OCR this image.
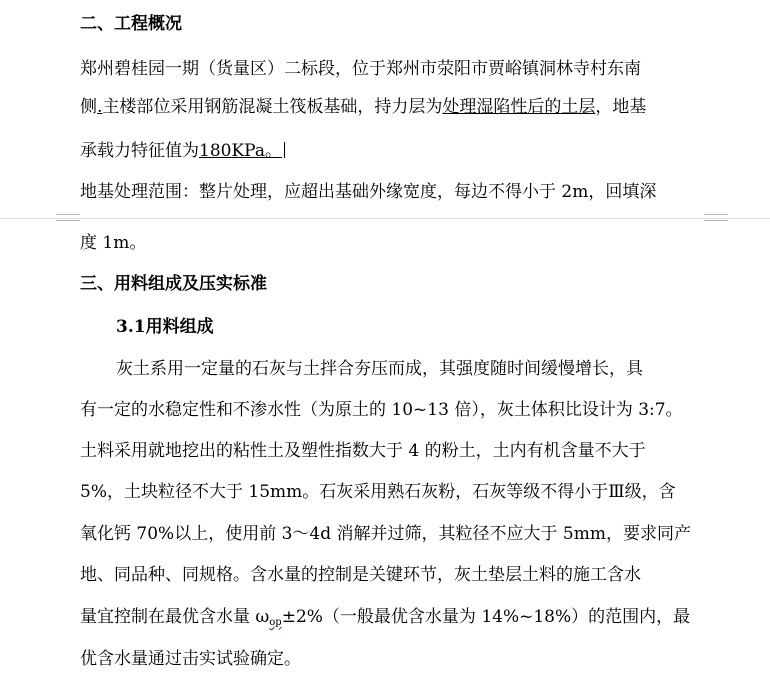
二、工程概况
郑州碧桂园一期（货量区）二标段，位于郑州市荥阳市贾峪镇洞林寺村东南
侧.主楼部位采用钢筋混凝土筏板基础，持力层为处理湿陷性后的土层，地基
承载力特征值为180KPa。
地基处理范围：整片处理，应超出基础外缘宽度，每边不得小于 2m，回填深
度 1m。
三、用料组成及压实标准
3.1用料组成
灰土系用一定量的石灰与土拌合夯压而成，其强度随时间缓慢增长，具
有一定的水稳定性和不渗水性（为原土的 10~13 倍），灰土体积比设计为 3:7。
土料采用就地挖出的粘性土及塑性指数大于 4 的粉土，土内有机含量不大于
5%，土块粒径不大于 15mm。石灰采用熟石灰粉，石灰等级不得小于Ⅲ级，含
氧化钙 70%以上，使用前 3～4d 消解并过筛，其粒径不应大于 5mm，要求同产
地、同品种、同规格。含水量的控制是关键环节，灰土垫层土料的施工含水
量宜控制在最优含水量 ωop±2%（一般最优含水量为 14%~18%）的范围内，最
优含水量通过击实试验确定。
